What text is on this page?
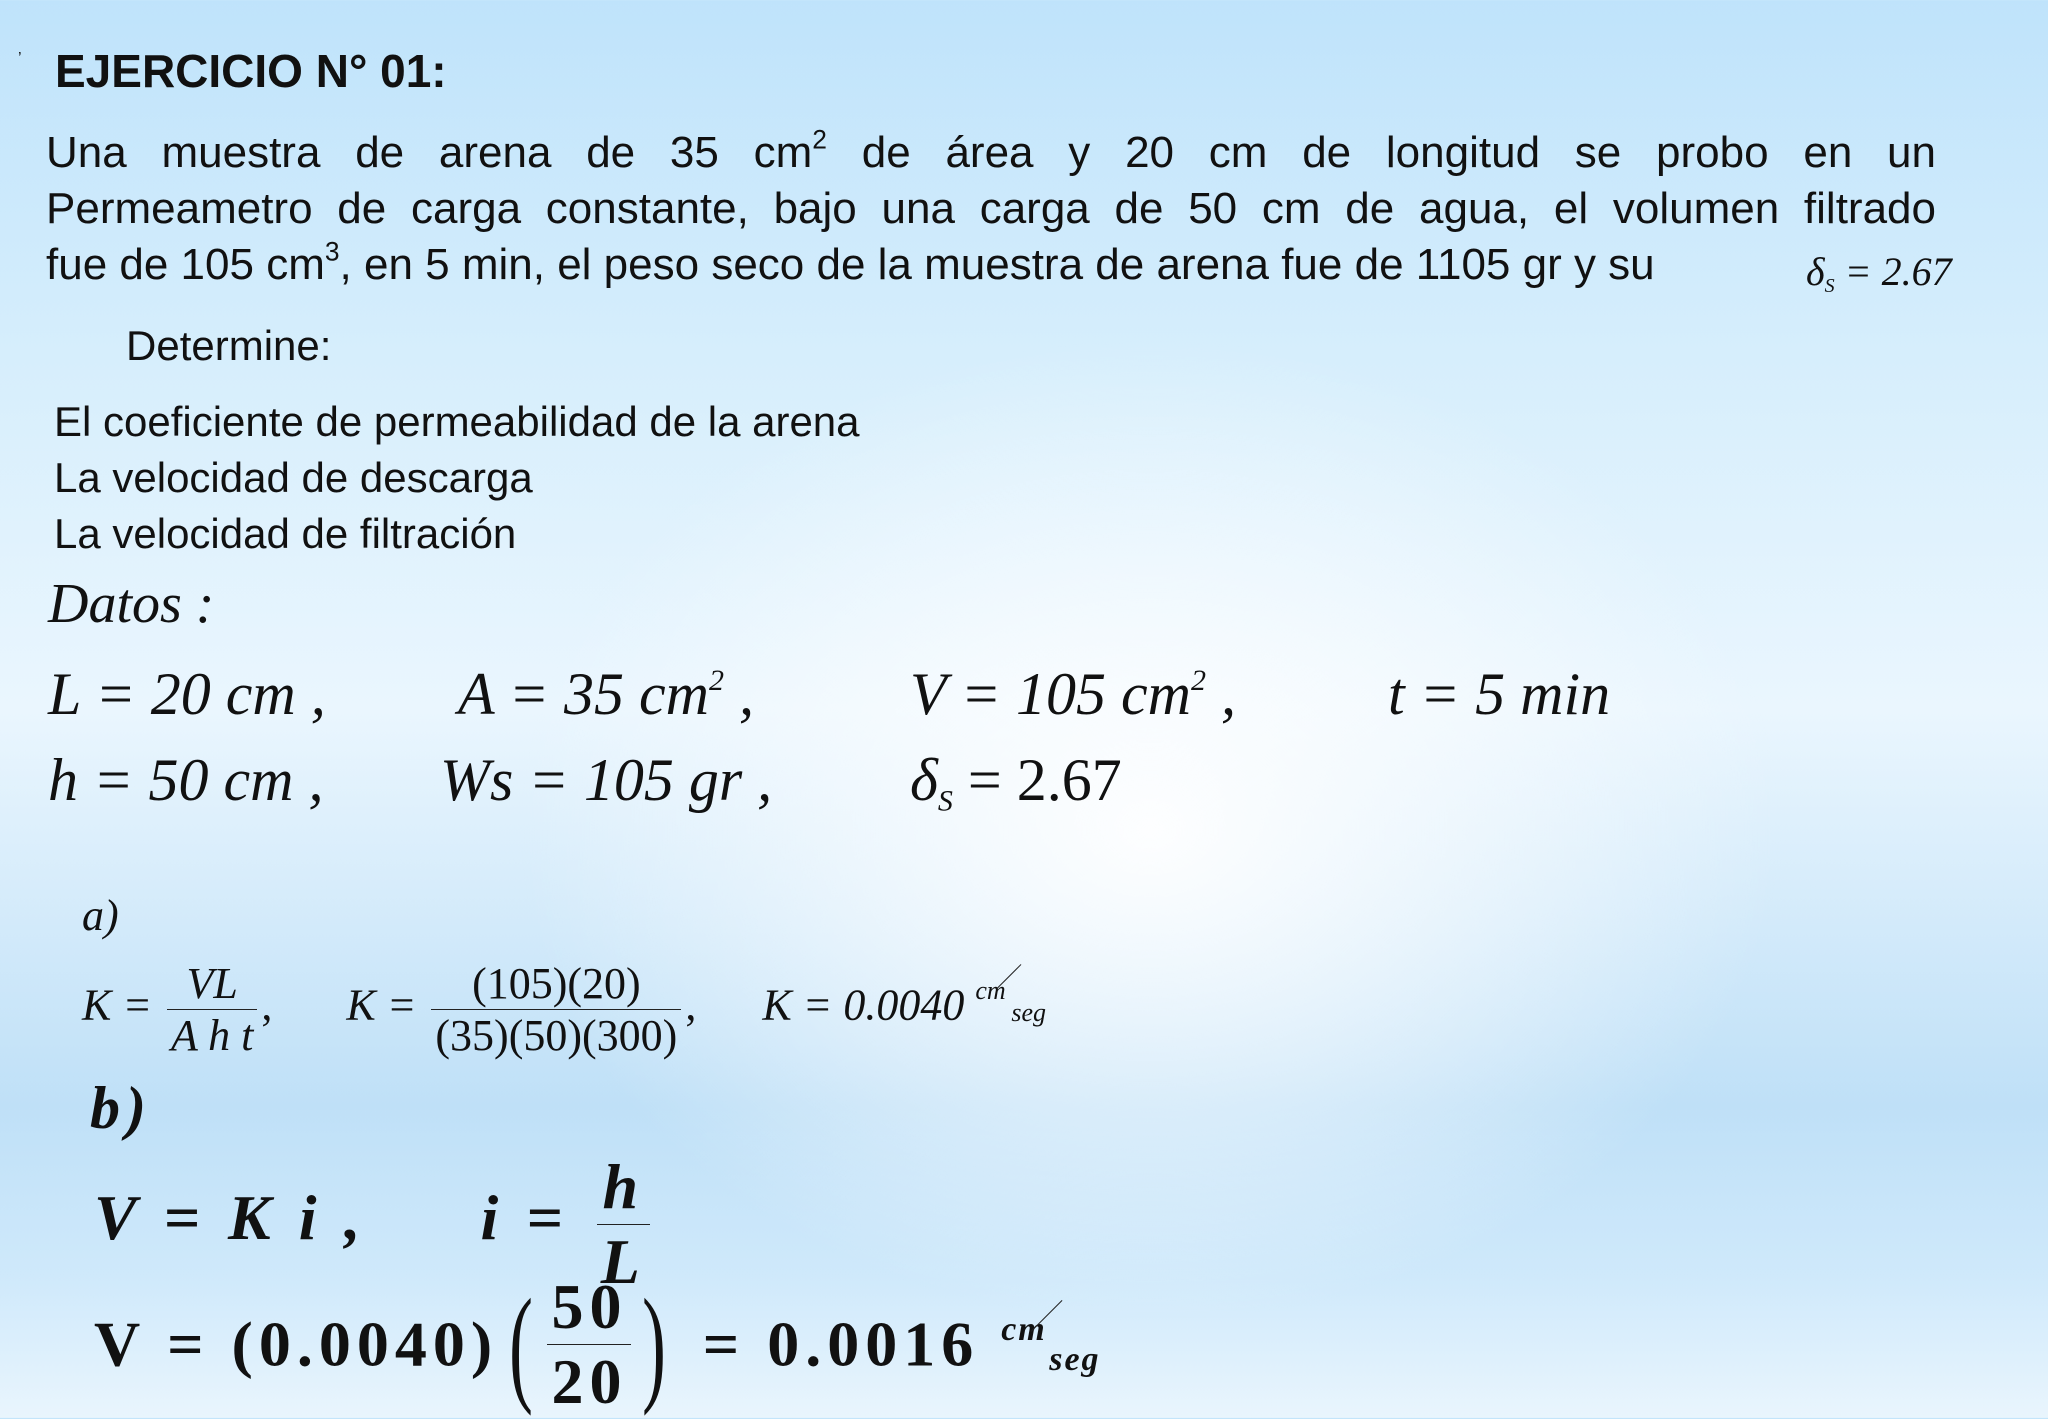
’ EJERCICIO N° 01:
Una muestra de arena de 35 $cm^2$ de área y 20 cm de longitud se probo en un
Permeametro de carga constante, bajo una carga de 50 cm de agua, el volumen filtrado
fue de 105 $cm^3$, en 5 min, el peso seco de la muestra de arena fue de 1105 gr y su	$\delta_S = 2.67$
Determine:
El coeficiente de permeabilidad de la arena
La velocidad de descarga
La velocidad de filtración
Datos :
L = 20 cm , A = 35 $cm^2$ ,	V = 105 $cm^2$ ,	t = 5 min
h = 50 cm , Ws = 105 gr , $\delta_S = 2.67$
a)
$K = \frac{VL}{\text{A h t}}$ , $K = \frac{(105)(20)}{(35)(50)(300)}$ , K = 0.0040 cm
seg
b)
V = K i , $i = \frac{h}{L}$
$V = (0.0040)( \frac{50}{20}$ ) = 0.0016 cm
seg
